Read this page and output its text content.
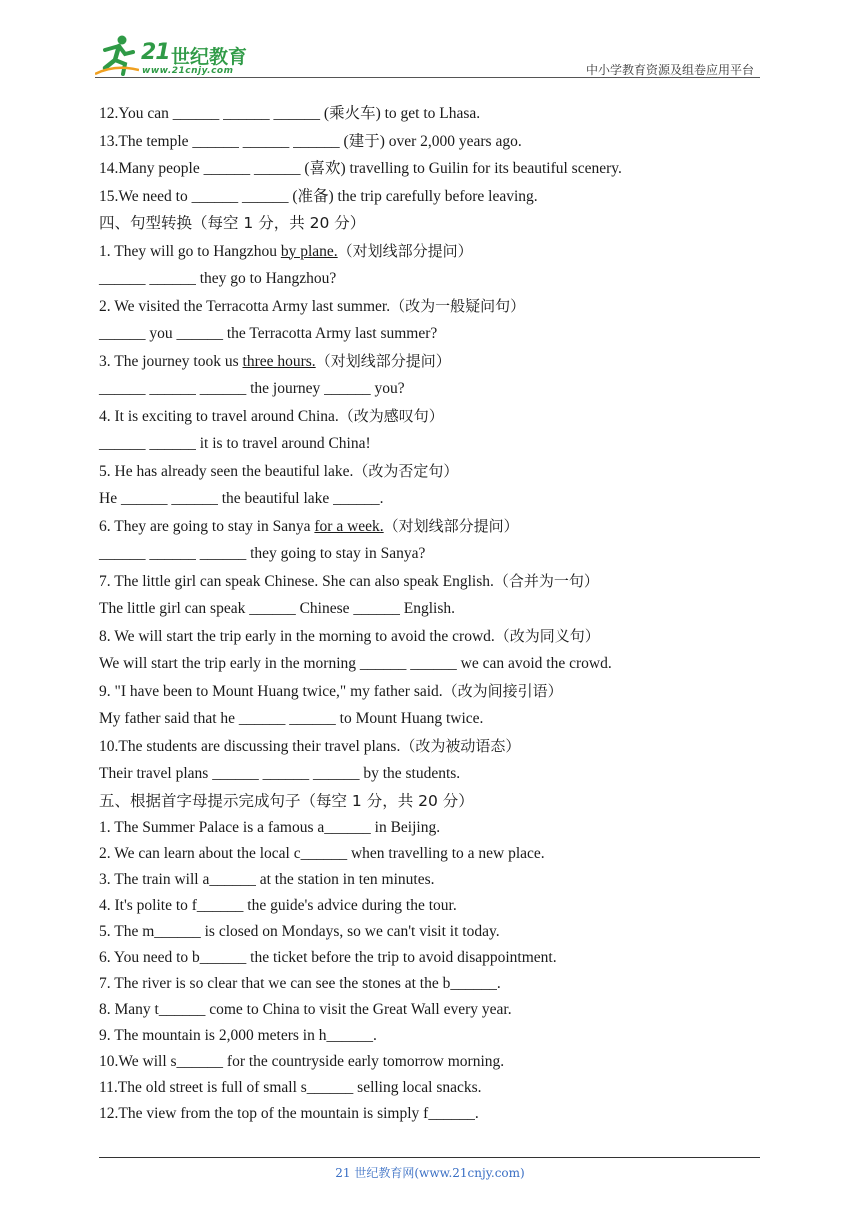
21 世纪教育
www.21cnjy.com	中小学教育资源及组卷应用平台
12.You can ______ ______ ______ (乘火车) to get to Lhasa.
13.The temple ______ ______ ______ (建于) over 2,000 years ago.
14.Many people ______ ______ (喜欢) travelling to Guilin for its beautiful scenery.
15.We need to ______ ______ (准备) the trip carefully before leaving.
四、句型转换（每空 1 分，共 20 分）
1. They will go to Hangzhou by plane.（对划线部分提问）
______ ______ they go to Hangzhou?
2. We visited the Terracotta Army last summer.（改为一般疑问句）
______ you ______ the Terracotta Army last summer?
3. The journey took us three hours.（对划线部分提问）
______ ______ ______ the journey ______ you?
4. It is exciting to travel around China.（改为感叹句）
______ ______ it is to travel around China!
5. He has already seen the beautiful lake.（改为否定句）
He ______ ______ the beautiful lake ______.
6. They are going to stay in Sanya for a week.（对划线部分提问）
______ ______ ______ they going to stay in Sanya?
7. The little girl can speak Chinese. She can also speak English.（合并为一句）
The little girl can speak ______ Chinese ______ English.
8. We will start the trip early in the morning to avoid the crowd.（改为同义句）
We will start the trip early in the morning ______ ______ we can avoid the crowd.
9. "I have been to Mount Huang twice," my father said.（改为间接引语）
My father said that he ______ ______ to Mount Huang twice.
10.The students are discussing their travel plans.（改为被动语态）
Their travel plans ______ ______ ______ by the students.
五、根据首字母提示完成句子（每空 1 分，共 20 分）
1. The Summer Palace is a famous a______ in Beijing.
2. We can learn about the local c______ when travelling to a new place.
3. The train will a______ at the station in ten minutes.
4. It's polite to f______ the guide's advice during the tour.
5. The m______ is closed on Mondays, so we can't visit it today.
6. You need to b______ the ticket before the trip to avoid disappointment.
7. The river is so clear that we can see the stones at the b______.
8. Many t______ come to China to visit the Great Wall every year.
9. The mountain is 2,000 meters in h______.
10.We will s______ for the countryside early tomorrow morning.
11.The old street is full of small s______ selling local snacks.
12.The view from the top of the mountain is simply f______.
21 世纪教育网(www.21cnjy.com)
